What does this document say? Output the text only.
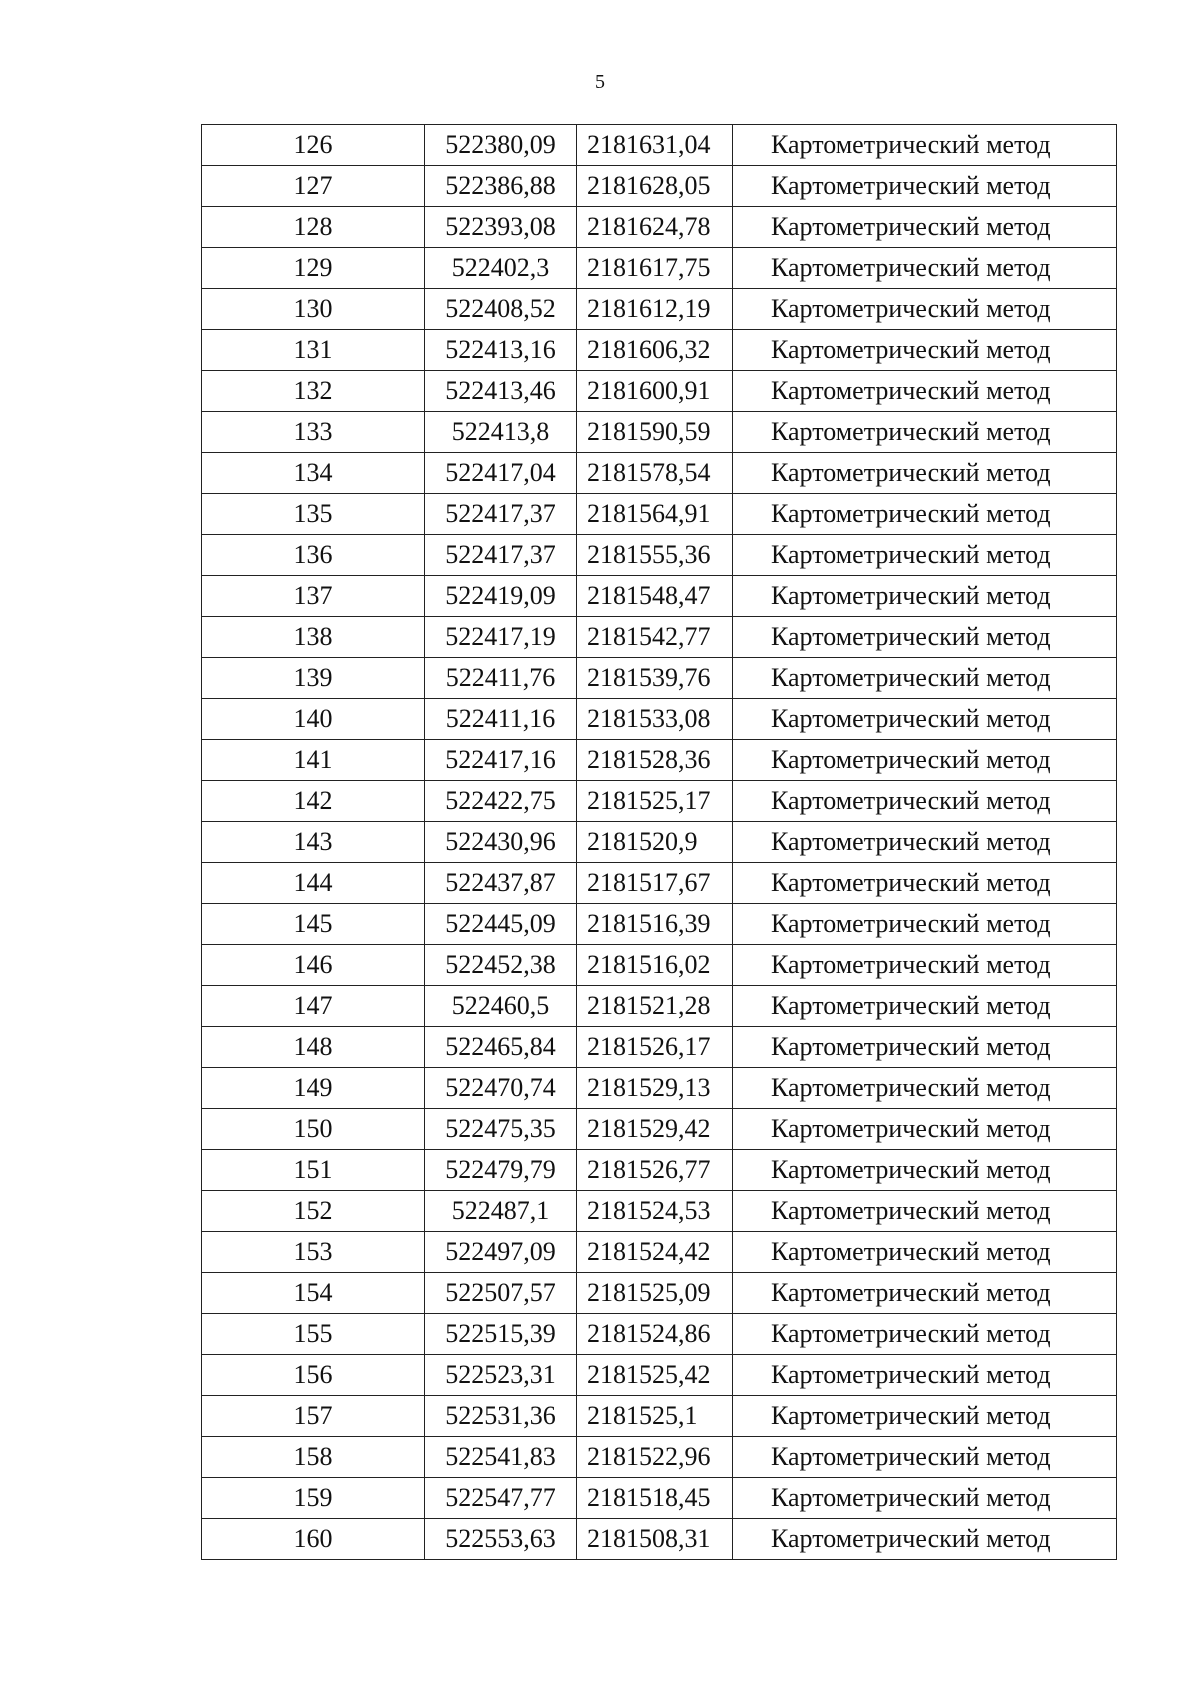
5
126	522380,09	2181631,04	Картометрический метод
127	522386,88	2181628,05	Картометрический метод
128	522393,08	2181624,78	Картометрический метод
129	522402,3	2181617,75	Картометрический метод
130	522408,52	2181612,19	Картометрический метод
131	522413,16	2181606,32	Картометрический метод
132	522413,46	2181600,91	Картометрический метод
133	522413,8	2181590,59	Картометрический метод
134	522417,04	2181578,54	Картометрический метод
135	522417,37	2181564,91	Картометрический метод
136	522417,37	2181555,36	Картометрический метод
137	522419,09	2181548,47	Картометрический метод
138	522417,19	2181542,77	Картометрический метод
139	522411,76	2181539,76	Картометрический метод
140	522411,16	2181533,08	Картометрический метод
141	522417,16	2181528,36	Картометрический метод
142	522422,75	2181525,17	Картометрический метод
143	522430,96	2181520,9	Картометрический метод
144	522437,87	2181517,67	Картометрический метод
145	522445,09	2181516,39	Картометрический метод
146	522452,38	2181516,02	Картометрический метод
147	522460,5	2181521,28	Картометрический метод
148	522465,84	2181526,17	Картометрический метод
149	522470,74	2181529,13	Картометрический метод
150	522475,35	2181529,42	Картометрический метод
151	522479,79	2181526,77	Картометрический метод
152	522487,1	2181524,53	Картометрический метод
153	522497,09	2181524,42	Картометрический метод
154	522507,57	2181525,09	Картометрический метод
155	522515,39	2181524,86	Картометрический метод
156	522523,31	2181525,42	Картометрический метод
157	522531,36	2181525,1	Картометрический метод
158	522541,83	2181522,96	Картометрический метод
159	522547,77	2181518,45	Картометрический метод
160	522553,63	2181508,31	Картометрический метод
